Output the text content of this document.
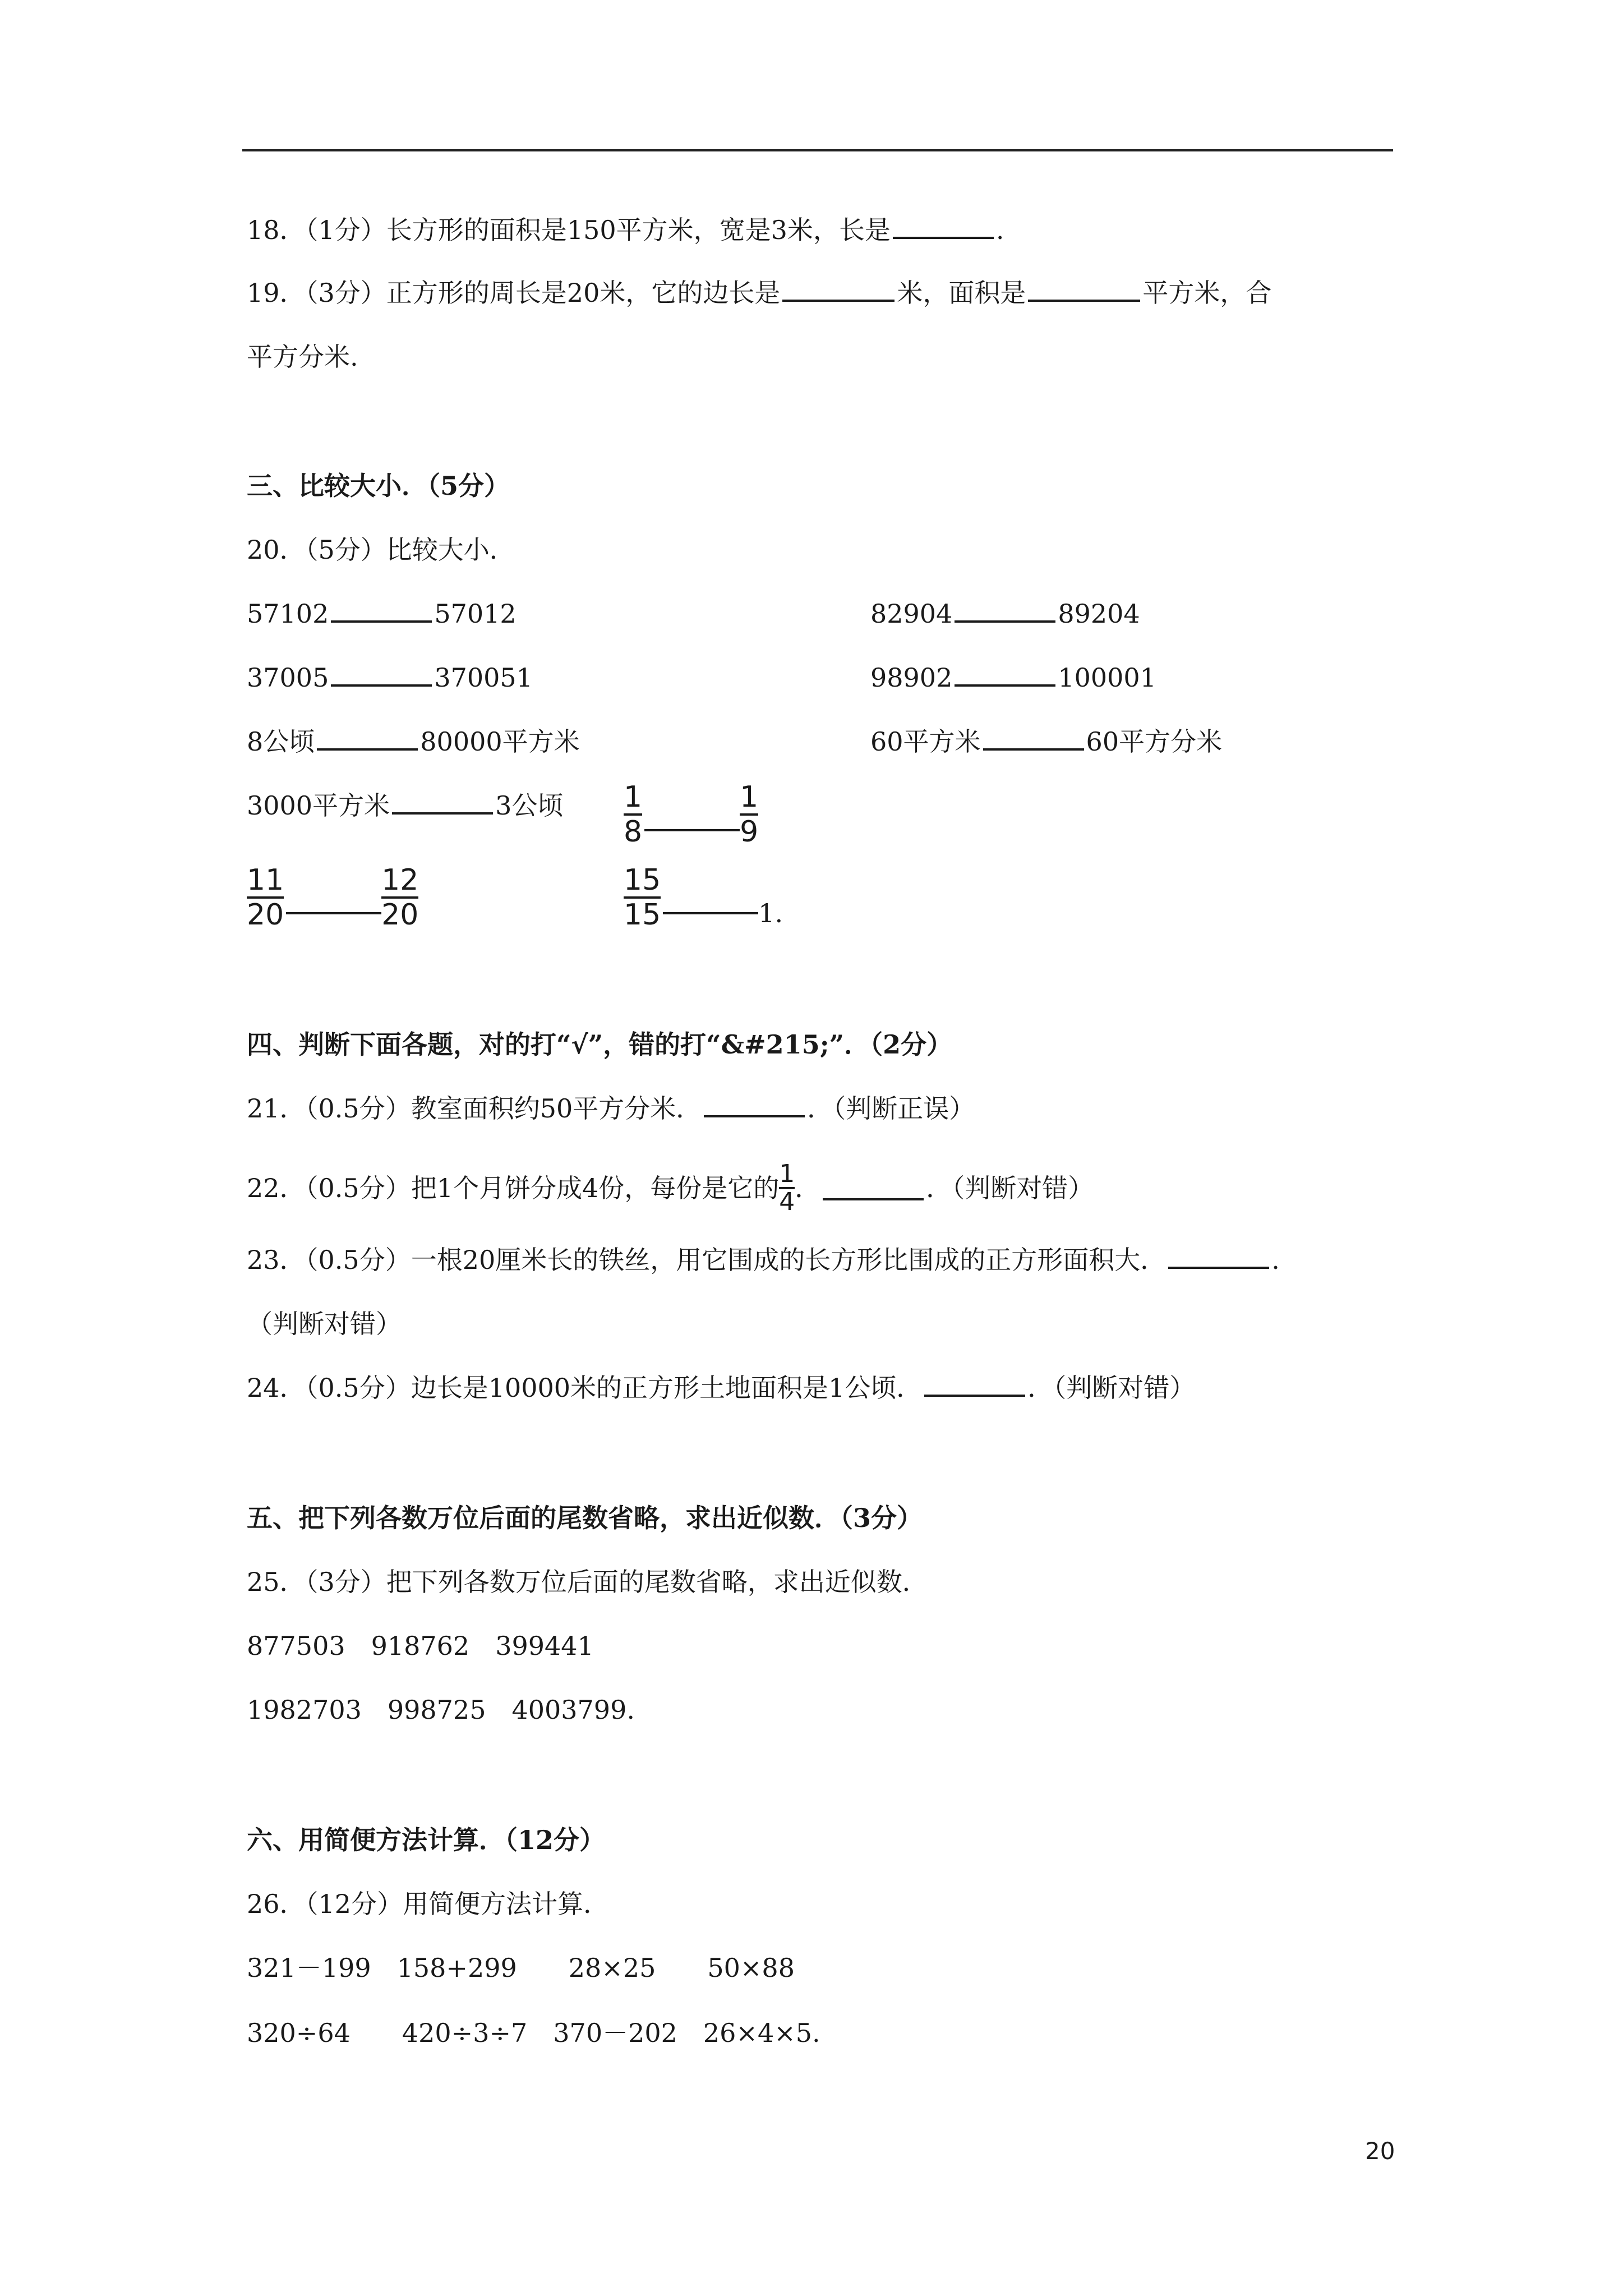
18．（1分）长方形的面积是150平方米，宽是3米，长是	.
19．（3分）正方形的周长是20米，它的边长是	米，面积是	平方米，合
平方分米.
三、比较大小．（5分）
20．（5分）比较大小．
57102	57012	82904	89204
37005	370051	98902	100001
8公顷	80000平方米	60平方米	60平方分米
3000平方米	3公顷	$\frac{1}{8}$	$\frac{1}{9}$
$\frac{11}{20}$	$\frac{12}{20}$	$\frac{15}{15}$	1.
四、判断下面各题，对的打“√”，错的打“&#215;”．（2分）
21．（0.5分）教室面积约50平方分米．	．（判断正误）
22．（0.5分）把1个月饼分成4份，每份是它的 $\frac{1}{4}$ ．	．（判断对错）
23．（0.5分）一根20厘米长的铁丝，用它围成的长方形比围成的正方形面积大．	.
（判断对错）
24．（0.5分）边长是10000米的正方形土地面积是1公顷．	．（判断对错）
五、把下列各数万位后面的尾数省略，求出近似数．（3分）
25．（3分）把下列各数万位后面的尾数省略，求出近似数．
877503　918762　399441
1982703　998725　4003799.
六、用简便方法计算．（12分）
26．（12分）用简便方法计算．
321－199　158+299　　28×25　　50×88
320÷64　　420÷3÷7　370－202　26×4×5.
20
